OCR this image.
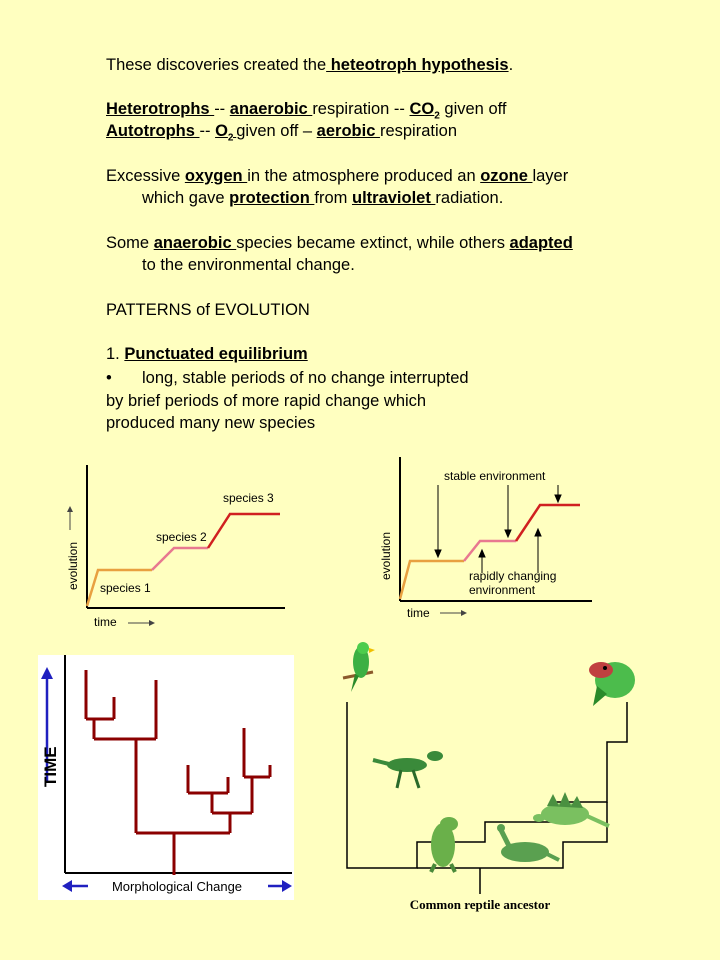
These discoveries created the heteotroph hypothesis.
Heterotrophs -- anaerobic respiration -- $CO_2$ given off
Autotrophs -- $O_2$ given off – aerobic respiration
Excessive oxygen in the atmosphere produced an ozone layer
which gave protection from ultraviolet radiation.
Some anaerobic species became extinct, while others adapted
to the environmental change.
PATTERNS of EVOLUTION
1. Punctuated equilibrium
• long, stable periods of no change interrupted
by brief periods of more rapid change which
produced many new species
species 1
species 2
species 3
evolution
time
stable environment
rapidly changing
environment
evolution
time
TIME
Morphological Change
Common reptile ancestor
